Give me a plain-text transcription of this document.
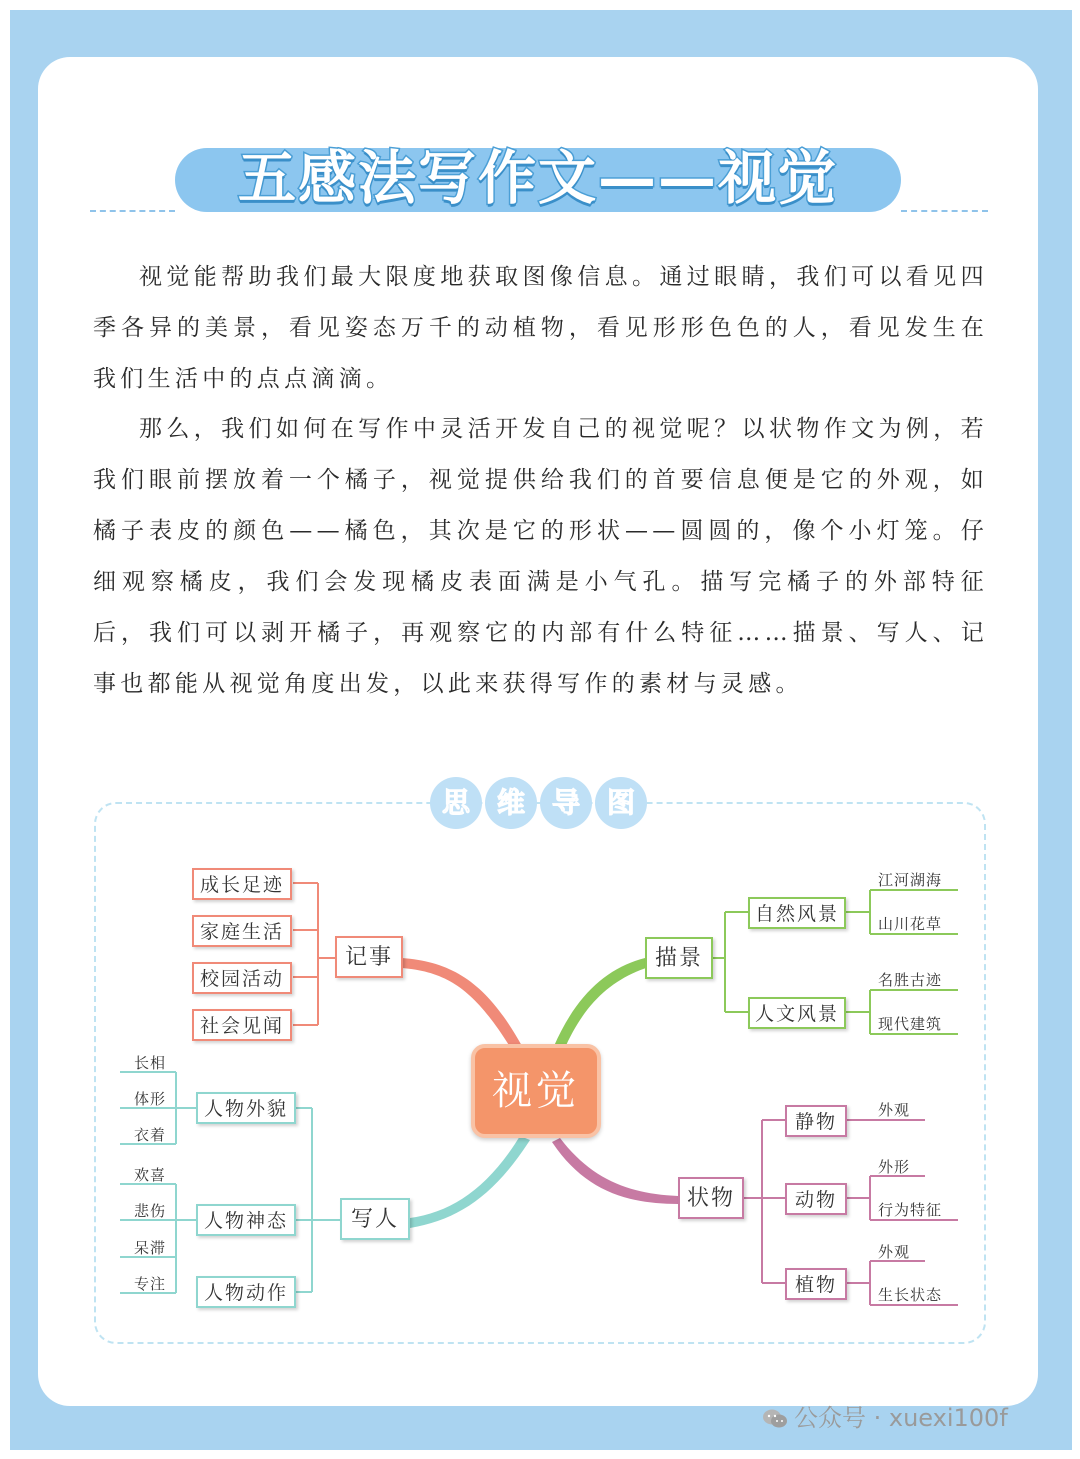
五感法写作文——视觉

视觉能帮助我们最大限度地获取图像信息。通过眼睛，我们可以看见四季各异的美景，看见姿态万千的动植物，看见形形色色的人，看见发生在我们生活中的点点滴滴。

那么，我们如何在写作中灵活开发自己的视觉呢？以状物作文为例，若我们眼前摆放着一个橘子，视觉提供给我们的首要信息便是它的外观，如橘子表皮的颜色——橘色，其次是它的形状——圆圆的，像个小灯笼。仔细观察橘皮，我们会发现橘皮表面满是小气孔。描写完橘子的外部特征后，我们可以剥开橘子，再观察它的内部有什么特征……描景、写人、记事也都能从视觉角度出发，以此来获得写作的素材与灵感。

思 维 导 图
视觉
记事
成长足迹
家庭生活
校园活动
社会见闻
描景
自然风景
人文风景
江河湖海
山川花草
名胜古迹
现代建筑
写人
人物外貌
人物神态
人物动作
长相
体形
衣着
欢喜
悲伤
呆滞
专注
状物
静物
动物
植物
外观
外形
行为特征
外观
生长状态
公众号 · xuexi100f
